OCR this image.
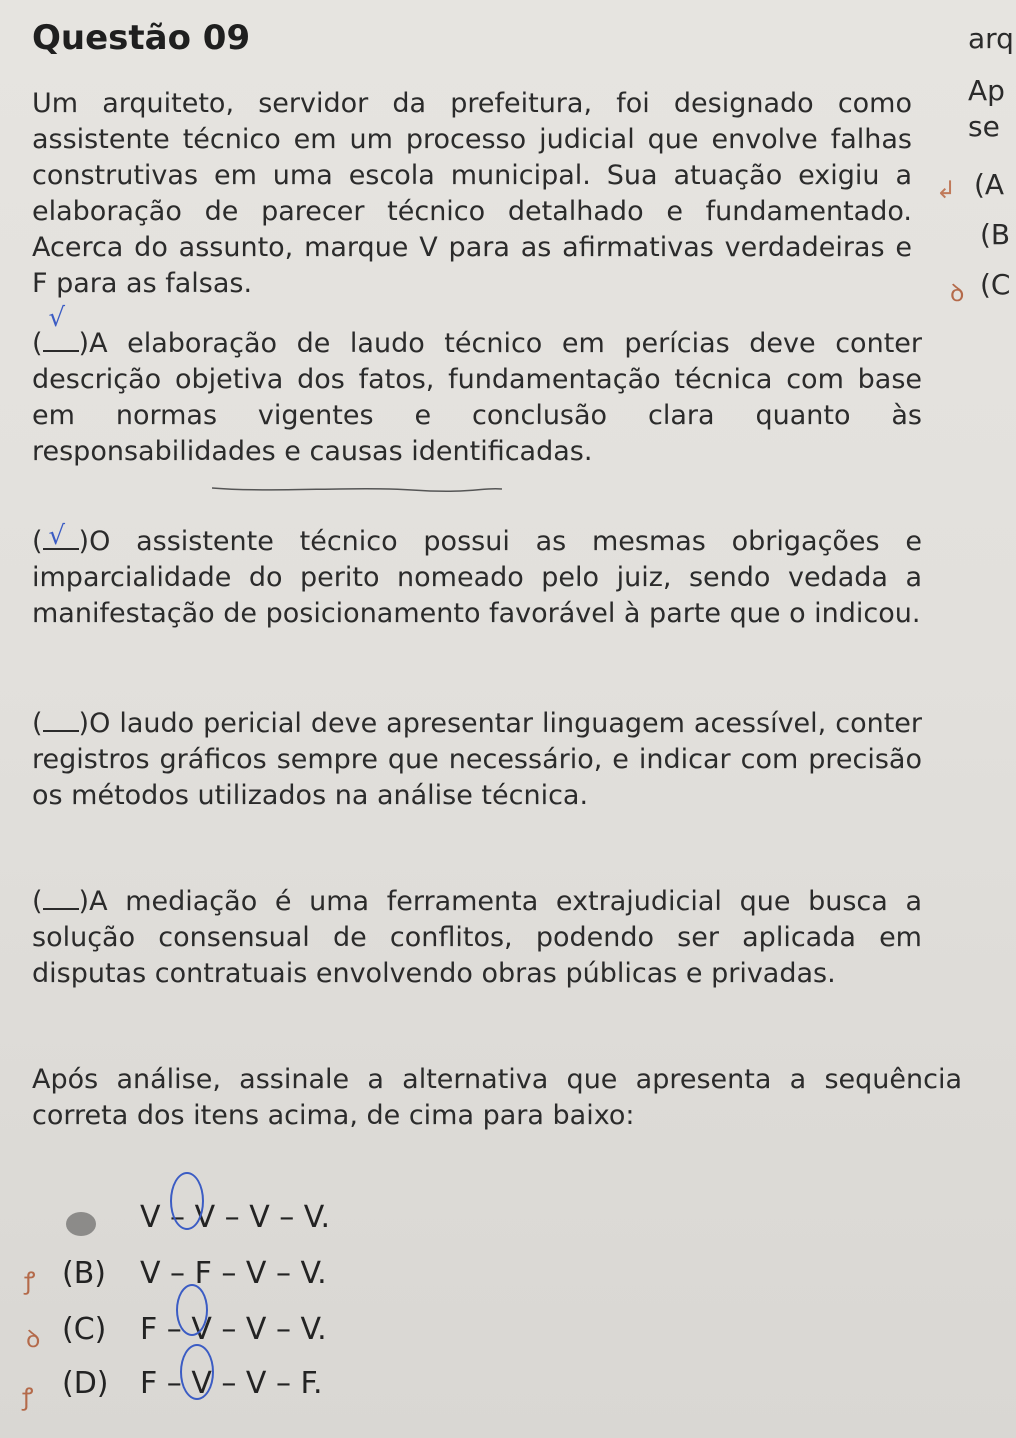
Questão 09
Um arquiteto, servidor da prefeitura, foi designado como assistente técnico em um processo judicial que envolve falhas construtivas em uma escola municipal. Sua atuação exigiu a elaboração de parecer técnico detalhado e fundamentado. Acerca do assunto, marque V para as afirmativas verdadeiras e F para as falsas.
(
√
)A elaboração de laudo técnico em perícias deve conter descrição objetiva dos fatos, fundamentação técnica com base em normas vigentes e conclusão clara quanto às responsabilidades e causas identificadas.
( √ )O assistente técnico possui as mesmas obrigações e imparcialidade do perito nomeado pelo juiz, sendo vedada a manifestação de posicionamento favorável à parte que o indicou.
( )O laudo pericial deve apresentar linguagem acessível, conter registros gráficos sempre que necessário, e indicar com precisão os métodos utilizados na análise técnica.
( )A mediação é uma ferramenta extrajudicial que busca a solução consensual de conflitos, podendo ser aplicada em disputas contratuais envolvendo obras públicas e privadas.
Após análise, assinale a alternativa que apresenta a sequência correta dos itens acima, de cima para baixo:
V – V – V – V.
ꝭ (B) V – F – V – V.
ꝺ (C) F – V – V – V.
ꝭ (D) F – V – V – F.
arq
Ap
se
(A
(B
(C
↲
ꝺ
